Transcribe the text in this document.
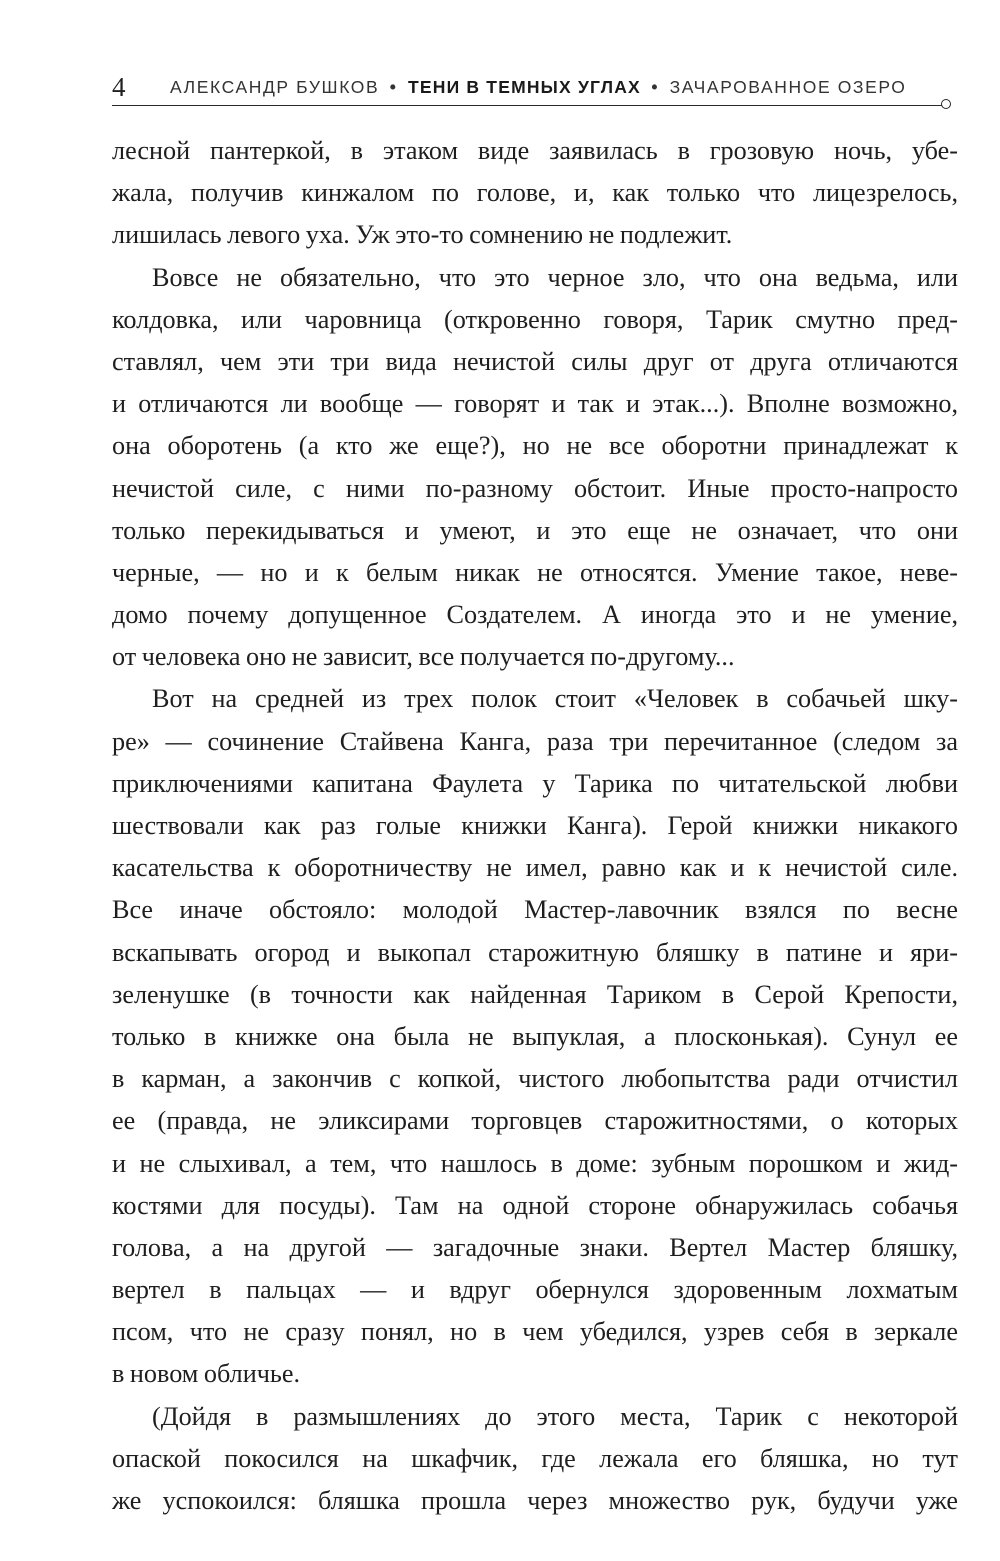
4	АЛЕКСАНДР БУШКОВ • ТЕНИ В ТЕМНЫХ УГЛАХ • ЗАЧАРОВАННОЕ ОЗЕРО
лесной пантеркой, в этаком виде заявилась в грозовую ночь, убе-
жала, получив кинжалом по голове, и, как только что лицезрелось,
лишилась левого уха. Уж это-то сомнению не подлежит.
Вовсе не обязательно, что это черное зло, что она ведьма, или
колдовка, или чаровница (откровенно говоря, Тарик смутно пред-
ставлял, чем эти три вида нечистой силы друг от друга отличаются
и отличаются ли вообще — говорят и так и этак...). Вполне возможно,
она оборотень (а кто же еще?), но не все оборотни принадлежат к
нечистой силе, с ними по-разному обстоит. Иные просто-напросто
только перекидываться и умеют, и это еще не означает, что они
черные, — но и к белым никак не относятся. Умение такое, неве-
домо почему допущенное Создателем. А иногда это и не умение,
от человека оно не зависит, все получается по-другому...
Вот на средней из трех полок стоит «Человек в собачьей шку-
ре» — сочинение Стайвена Канга, раза три перечитанное (следом за
приключениями капитана Фаулета у Тарика по читательской любви
шествовали как раз голые книжки Канга). Герой книжки никакого
касательства к оборотничеству не имел, равно как и к нечистой силе.
Все иначе обстояло: молодой Мастер-лавочник взялся по весне
вскапывать огород и выкопал старожитную бляшку в патине и яри-
зеленушке (в точности как найденная Тариком в Серой Крепости,
только в книжке она была не выпуклая, а плосконькая). Сунул ее
в карман, а закончив с копкой, чистого любопытства ради отчистил
ее (правда, не эликсирами торговцев старожитностями, о которых
и не слыхивал, а тем, что нашлось в доме: зубным порошком и жид-
костями для посуды). Там на одной стороне обнаружилась собачья
голова, а на другой — загадочные знаки. Вертел Мастер бляшку,
вертел в пальцах — и вдруг обернулся здоровенным лохматым
псом, что не сразу понял, но в чем убедился, узрев себя в зеркале
в новом обличье.
(Дойдя в размышлениях до этого места, Тарик с некоторой
опаской покосился на шкафчик, где лежала его бляшка, но тут
же успокоился: бляшка прошла через множество рук, будучи уже
